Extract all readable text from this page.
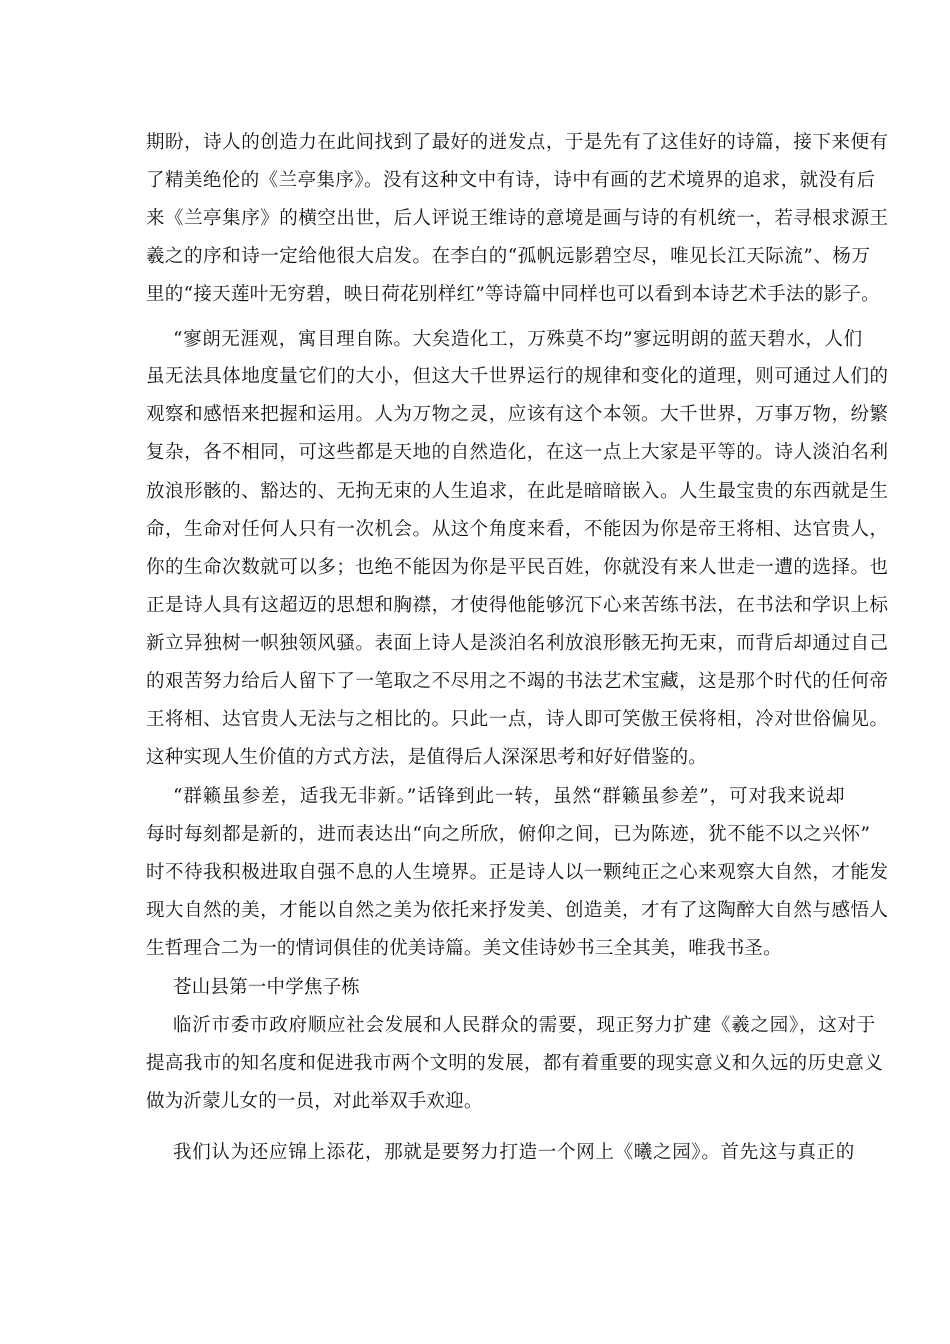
期盼，诗人的创造力在此间找到了最好的迸发点，于是先有了这佳好的诗篇，接下来便有
了精美绝伦的《兰亭集序》。没有这种文中有诗，诗中有画的艺术境界的追求，就没有后
来《兰亭集序》的横空出世，后人评说王维诗的意境是画与诗的有机统一，若寻根求源王
羲之的序和诗一定给他很大启发。在李白的“孤帆远影碧空尽，唯见长江天际流”、杨万
里的“接天莲叶无穷碧，映日荷花别样红”等诗篇中同样也可以看到本诗艺术手法的影子。
“寥朗无涯观，寓目理自陈。大矣造化工，万殊莫不均”寥远明朗的蓝天碧水，人们
虽无法具体地度量它们的大小，但这大千世界运行的规律和变化的道理，则可通过人们的
观察和感悟来把握和运用。人为万物之灵，应该有这个本领。大千世界，万事万物，纷繁
复杂，各不相同，可这些都是天地的自然造化，在这一点上大家是平等的。诗人淡泊名利
放浪形骸的、豁达的、无拘无束的人生追求，在此是暗暗嵌入。人生最宝贵的东西就是生
命，生命对任何人只有一次机会。从这个角度来看，不能因为你是帝王将相、达官贵人，
你的生命次数就可以多；也绝不能因为你是平民百姓，你就没有来人世走一遭的选择。也
正是诗人具有这超迈的思想和胸襟，才使得他能够沉下心来苦练书法，在书法和学识上标
新立异独树一帜独领风骚。表面上诗人是淡泊名利放浪形骸无拘无束，而背后却通过自己
的艰苦努力给后人留下了一笔取之不尽用之不竭的书法艺术宝藏，这是那个时代的任何帝
王将相、达官贵人无法与之相比的。只此一点，诗人即可笑傲王侯将相，冷对世俗偏见。
这种实现人生价值的方式方法，是值得后人深深思考和好好借鉴的。
“群籁虽参差，适我无非新。”话锋到此一转，虽然“群籁虽参差”，可对我来说却
每时每刻都是新的，进而表达出“向之所欣，俯仰之间，已为陈迹，犹不能不以之兴怀”
时不待我积极进取自强不息的人生境界。正是诗人以一颗纯正之心来观察大自然，才能发
现大自然的美，才能以自然之美为依托来抒发美、创造美，才有了这陶醉大自然与感悟人
生哲理合二为一的情词俱佳的优美诗篇。美文佳诗妙书三全其美，唯我书圣。
苍山县第一中学焦子栋
临沂市委市政府顺应社会发展和人民群众的需要，现正努力扩建《羲之园》，这对于
提高我市的知名度和促进我市两个文明的发展，都有着重要的现实意义和久远的历史意义
做为沂蒙儿女的一员，对此举双手欢迎。
我们认为还应锦上添花，那就是要努力打造一个网上《曦之园》。首先这与真正的
